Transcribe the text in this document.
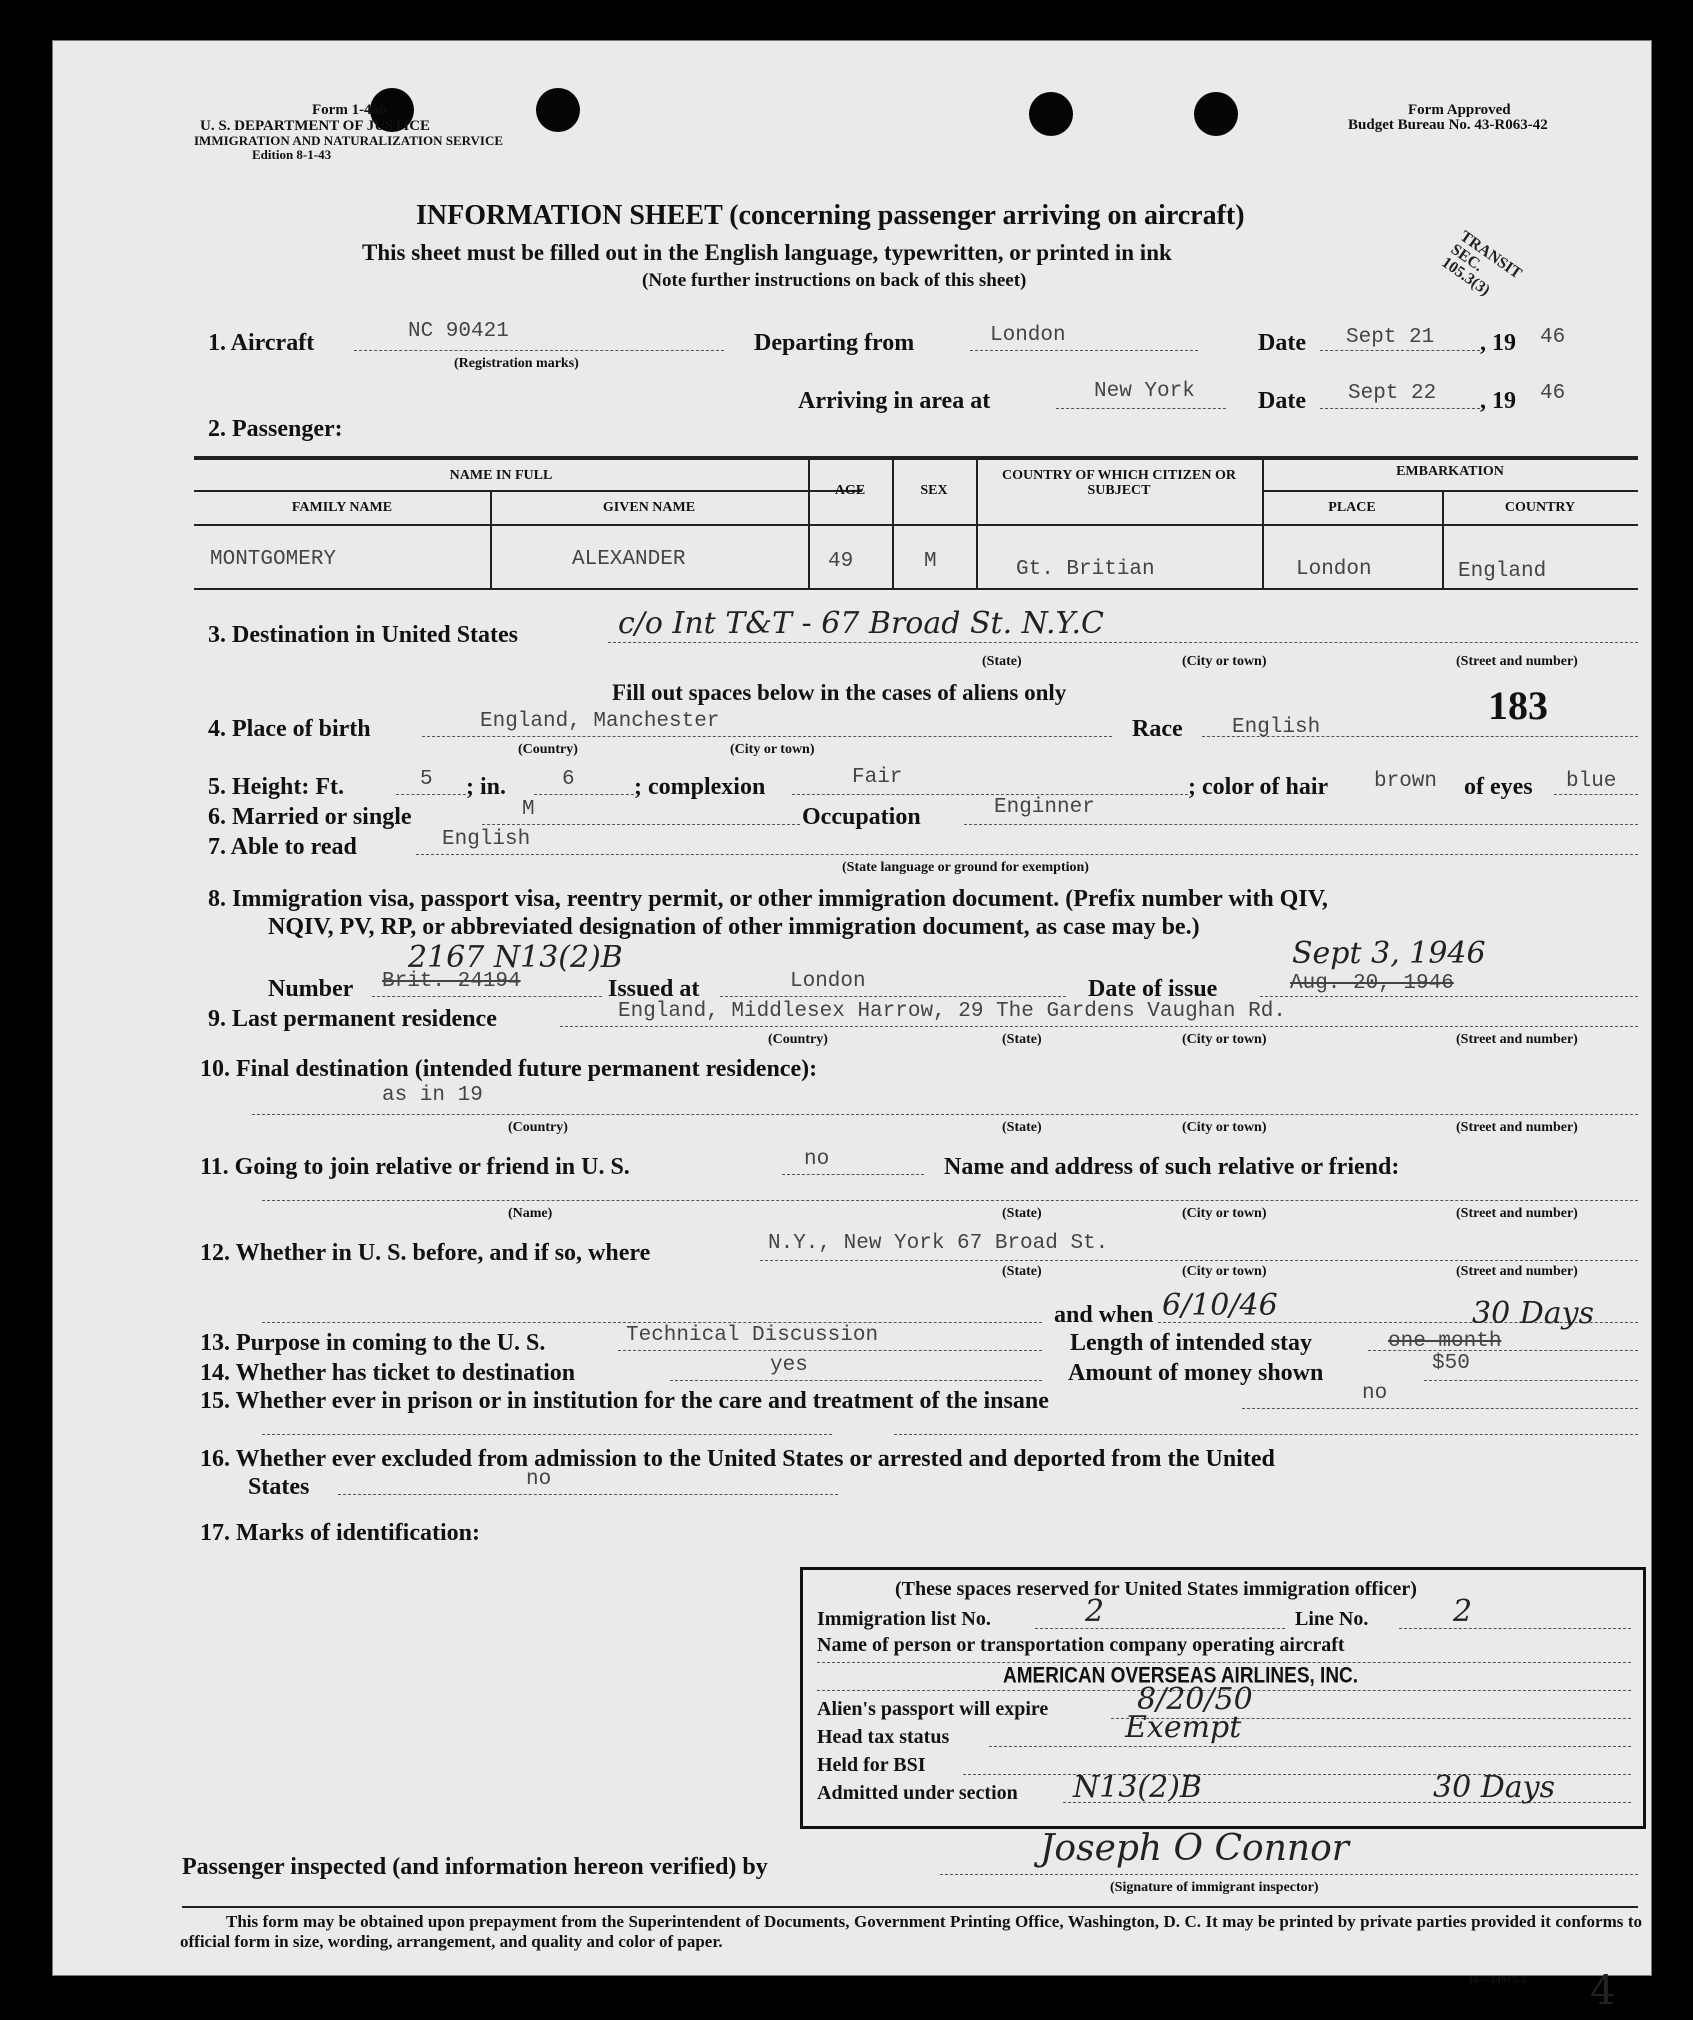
Form 1-466
U. S. DEPARTMENT OF JUSTICE
IMMIGRATION AND NATURALIZATION SERVICE
Edition 8-1-43
Form Approved
Budget Bureau No. 43-R063-42
INFORMATION SHEET (concerning passenger arriving on aircraft)
This sheet must be filled out in the English language, typewritten, or printed in ink
(Note further instructions on back of this sheet)	TRANSIT SEC. 105.3(3)
1. Aircraft	NC 90421
(Registration marks)
Departing from	London	Date Sept 21 , 19 46
Arriving in area at	New York	Date Sept 22 , 19 46
2. Passenger:
NAME IN FULL
FAMILY NAME	GIVEN NAME
AGE	SEX
COUNTRY OF WHICH CITIZEN OR SUBJECT
EMBARKATION
PLACE	COUNTRY
MONTGOMERY	ALEXANDER	49	M	Gt. Britian	London	England
3. Destination in United States	c/o Int T&T - 67 Broad St. N.Y.C
(State)	(City or town)	(Street and number)
Fill out spaces below in the cases of aliens only	183
4. Place of birth	England, Manchester
(Country)	(City or town)
Race English
5. Height: Ft.	5 ; in.	6 ; complexion	Fair	; color of hair brown of eyes blue
6. Married or single	M	Occupation	Enginner
7. Able to read	English
(State language or ground for exemption)
8. Immigration visa, passport visa, reentry permit, or other immigration document. (Prefix number with QIV,
NQIV, PV, RP, or abbreviated designation of other immigration document, as case may be.)
2167 N13(2)B	Sept 3, 1946
Number Brit. 24194	Issued at	London	Date of issue	Aug. 20, 1946
9. Last permanent residence	England, Middlesex Harrow, 29 The Gardens Vaughan Rd.
(Country)	(State)	(City or town)	(Street and number)
10. Final destination (intended future permanent residence):
as in 19
(Country)	(State)	(City or town)	(Street and number)
11. Going to join relative or friend in U. S.	no	Name and address of such relative or friend:
(Name)	(State)	(City or town)	(Street and number)
12. Whether in U. S. before, and if so, where	N.Y., New York 67 Broad St.
(State)	(City or town)	(Street and number)
and when 6/10/46
13. Purpose in coming to the U. S.	Technical Discussion	Length of intended stay	one month
30 Days
14. Whether has ticket to destination	yes	Amount of money shown	$50
15. Whether ever in prison or in institution for the care and treatment of the insane	no
16. Whether ever excluded from admission to the United States or arrested and deported from the United
States	no
17. Marks of identification:
(These spaces reserved for United States immigration officer)
Immigration list No.	2	Line No.	2
Name of person or transportation company operating aircraft
AMERICAN OVERSEAS AIRLINES, INC.
Alien's passport will expire	8/20/50
Head tax status	Exempt
Held for BSI
Admitted under section N13(2)B	30 Days
Passenger inspected (and information hereon verified) by	Joseph O Connor
(Signature of immigrant inspector)
This form may be obtained upon prepayment from the Superintendent of Documents, Government Printing Office, Washington, D. C. It may be printed by private parties provided it conforms to official form in size, wording, arrangement, and quality and color of paper.
16—24915-2 4
